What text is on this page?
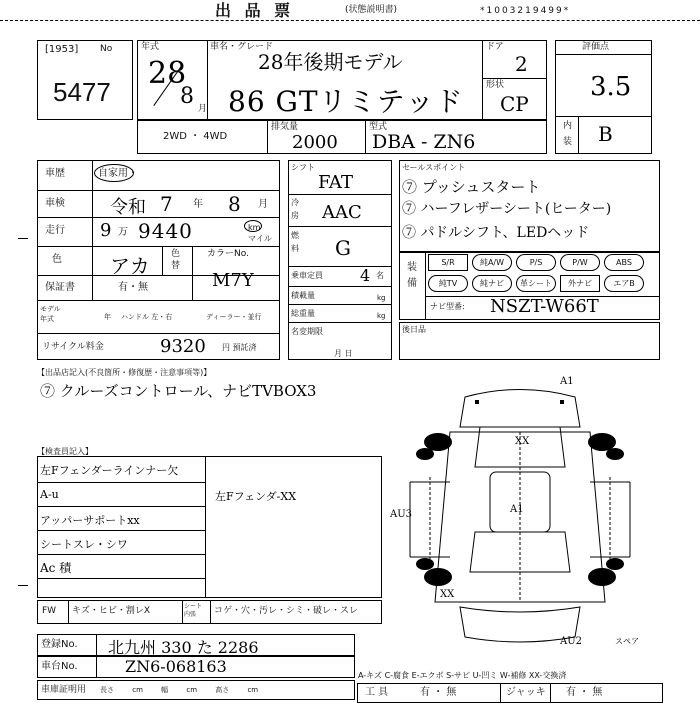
出 品 票	(状態説明書)	*1003219499*
[1953] No
5477
年式
28
8 月
車名・グレード
28年後期モデル
86 GTリミテッド
ドア
2
形状
CP
評価点
3.5
内
装 B
2WD ・ 4WD
排気量
2000
型式
DBA - ZN6
車歴	自家用・
車検	令和 7 年 8 月
走行 9 万 9440	km
マイル
色 アカ 色
替
カラーNo.
M7Y
保証書	有・無
モデル
年式	年 ハンドル 左・右	ディーラー・並行
リサイクル料金	9320 円 預託済
シフト
FAT
冷
房 AAC
燃
料 G
乗車定員 4 名
積載量	kg
総重量	kg
名変期限
月 日
セールスポイント
⑦ プッシュスタート
⑦ ハーフレザーシート(ヒーター)
⑦ パドルシフト、LEDヘッド
装
備
S/R	純A/W	P/S	P/W	ABS
純TV	純ナビ	革シート	外ナビ	エアB
ナビ型番: NSZT-W66T
後日品
【出品店記入(不良箇所・修復歴・注意事項等)】
⑦ クルーズコントロール、ナビTVBOX3
【検査員記入】
左Fフェンダーラインナー欠
A-u
アッパーサポートxx
シートスレ・シワ
Ac 積
左Fフェンダ-XX
A1
XX
A1
AU3
XX
AU2	スペア
FW キズ・ヒビ・割レX	シート 内張	コゲ・穴・汚レ・シミ・破レ・スレ
登録No. 北九州 330 た 2286
車台No.	ZN6-068163
車庫証明用 長さ cm 幅 cm 高さ cm
A-キズ C-腐食 E-エクボ S-サビ U-凹ミ W-補修 XX-交換済
工 具	有 ・ 無	ジャッキ 有 ・ 無
